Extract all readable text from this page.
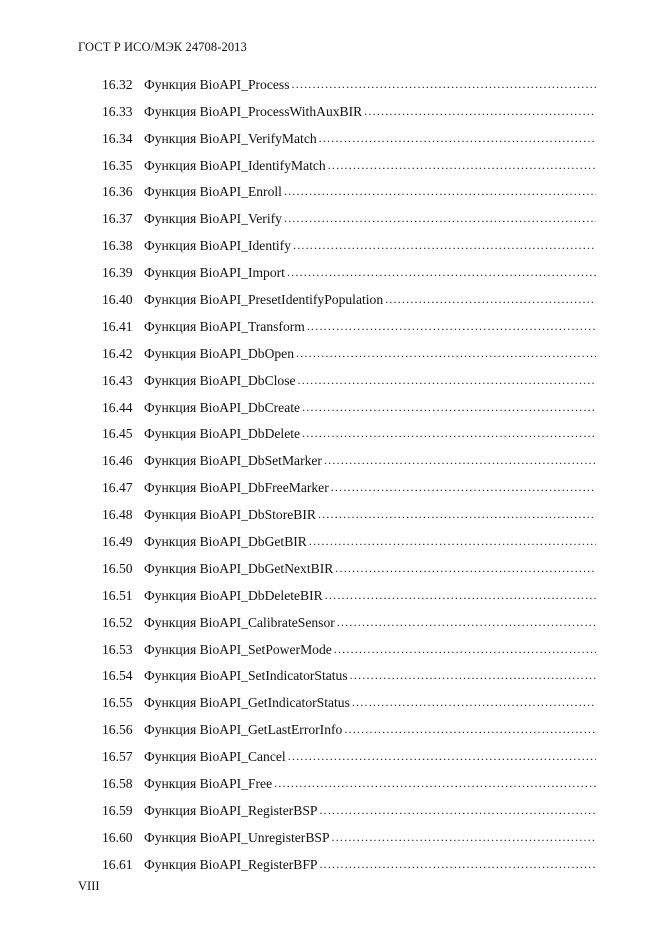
ГОСТ Р ИСО/МЭК 24708-2013
16.32 Функция BioAPI_Process
.....
16.33 Функция BioAPI_ProcessWithAuxBIR
.....
16.34 Функция BioAPI_VerifyMatch
.....
16.35 Функция BioAPI_IdentifyMatch
.....
16.36 Функция BioAPI_Enroll
.....
16.37 Функция BioAPI_Verify
.....
16.38 Функция BioAPI_Identify
.....
16.39 Функция BioAPI_Import
.....
16.40 Функция BioAPI_PresetIdentifyPopulation
.....
16.41 Функция BioAPI_Transform
.....
16.42 Функция BioAPI_DbOpen
.....
16.43 Функция BioAPI_DbClose
.....
16.44 Функция BioAPI_DbCreate
.....
16.45 Функция BioAPI_DbDelete
.....
16.46 Функция BioAPI_DbSetMarker
.....
16.47 Функция BioAPI_DbFreeMarker
.....
16.48 Функция BioAPI_DbStoreBIR
.....
16.49 Функция BioAPI_DbGetBIR
.....
16.50 Функция BioAPI_DbGetNextBIR
.....
16.51 Функция BioAPI_DbDeleteBIR
.....
16.52 Функция BioAPI_CalibrateSensor
.....
16.53 Функция BioAPI_SetPowerMode
.....
16.54 Функция BioAPI_SetIndicatorStatus
.....
16.55 Функция BioAPI_GetIndicatorStatus
.....
16.56 Функция BioAPI_GetLastErrorInfo
.....
16.57 Функция BioAPI_Cancel
.....
16.58 Функция BioAPI_Free
.....
16.59 Функция BioAPI_RegisterBSP
.....
16.60 Функция BioAPI_UnregisterBSP
.....
16.61 Функция BioAPI_RegisterBFP
.....
VIII
